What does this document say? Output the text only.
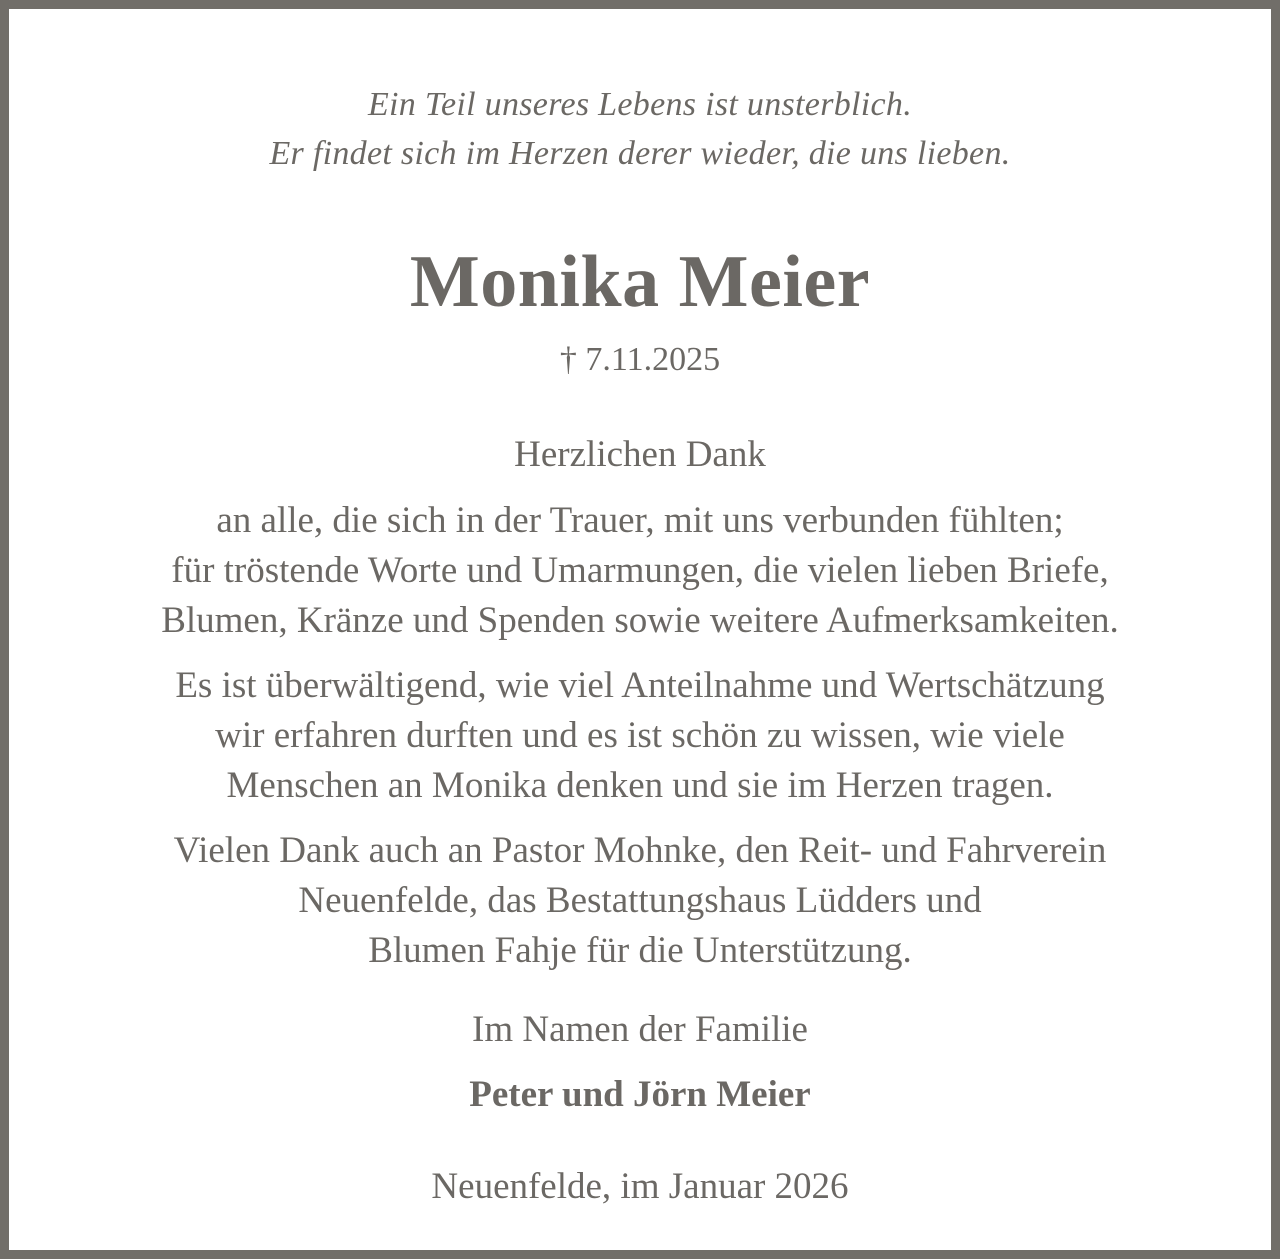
Ein Teil unseres Lebens ist unsterblich.
Er findet sich im Herzen derer wieder, die uns lieben.
Monika Meier
† 7.11.2025
Herzlichen Dank
an alle, die sich in der Trauer, mit uns verbunden fühlten;
für tröstende Worte und Umarmungen, die vielen lieben Briefe,
Blumen, Kränze und Spenden sowie weitere Aufmerksamkeiten.
Es ist überwältigend, wie viel Anteilnahme und Wertschätzung
wir erfahren durften und es ist schön zu wissen, wie viele
Menschen an Monika denken und sie im Herzen tragen.
Vielen Dank auch an Pastor Mohnke, den Reit- und Fahrverein
Neuenfelde, das Bestattungshaus Lüdders und
Blumen Fahje für die Unterstützung.
Im Namen der Familie
Peter und Jörn Meier
Neuenfelde, im Januar 2026
